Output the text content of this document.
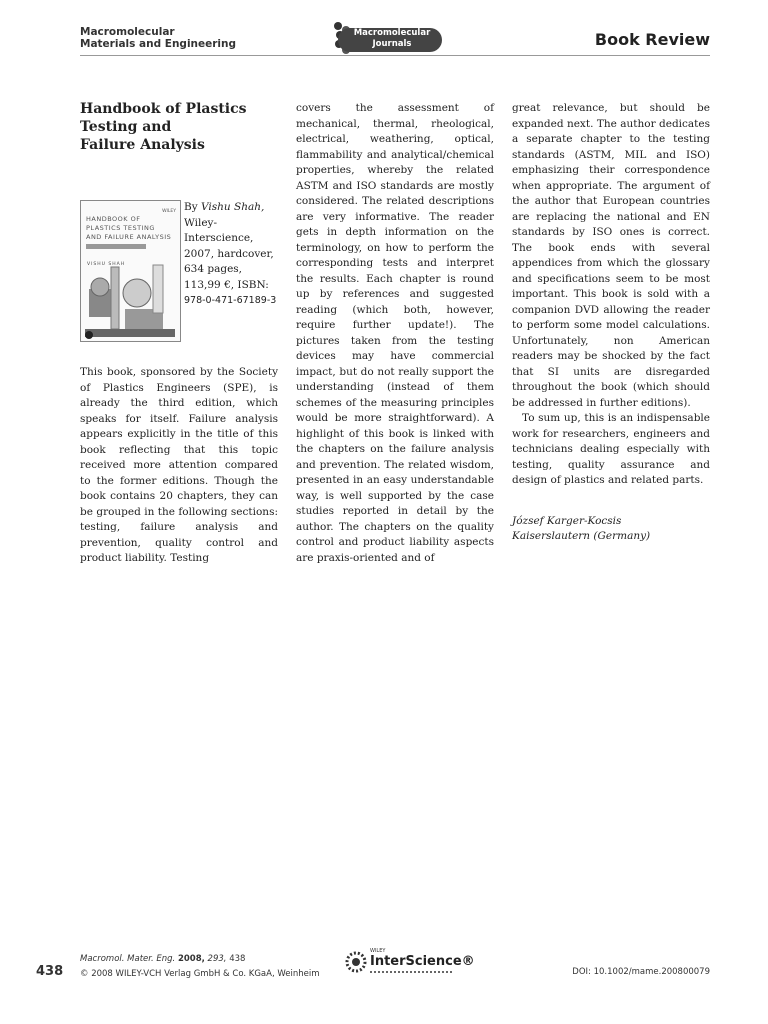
Macromolecular
Materials and Engineering
Macromolecular
Journals	Book Review
Handbook of Plastics
Testing and
Failure Analysis
WILEY
HANDBOOK OF
PLASTICS TESTING
AND FAILURE ANALYSIS
VISHU SHAH
By Vishu Shah,
Wiley-Interscience,
2007, hardcover,
634 pages,
113,99 €, ISBN:
978-0-471-67189-3

This book, sponsored by the Society of Plastics Engineers (SPE), is already the third edition, which speaks for itself. Failure analysis appears explicitly in the title of this book reflecting that this topic received more attention compared to the former editions. Though the book contains 20 chapters, they can be grouped in the following sections: testing, failure analysis and prevention, quality control and product liability. Testing

covers the assessment of mechanical, thermal, rheological, electrical, weathering, optical, flammability and analytical/chemical properties, whereby the related ASTM and ISO standards are mostly considered. The related descriptions are very informative. The reader gets in depth information on the terminology, on how to perform the corresponding tests and interpret the results. Each chapter is round up by references and suggested reading (which both, however, require further update!). The pictures taken from the testing devices may have commercial impact, but do not really support the understanding (instead of them schemes of the measuring principles would be more straightforward). A highlight of this book is linked with the chapters on the failure analysis and prevention. The related wisdom, presented in an easy understandable way, is well supported by the case studies reported in detail by the author. The chapters on the quality control and product liability aspects are praxis-oriented and of

great relevance, but should be expanded next. The author dedicates a separate chapter to the testing standards (ASTM, MIL and ISO) emphasizing their correspondence when appropriate. The argument of the author that European countries are replacing the national and EN standards by ISO ones is correct. The book ends with several appendices from which the glossary and specifications seem to be most important. This book is sold with a companion DVD allowing the reader to perform some model calculations. Unfortunately, non American readers may be shocked by the fact that SI units are disregarded throughout the book (which should be addressed in further editions).

To sum up, this is an indispensable work for researchers, engineers and technicians dealing especially with testing, quality assurance and design of plastics and related parts.

József Karger-Kocsis
Kaiserslautern (Germany)
438
Macromol. Mater. Eng. 2008, 293, 438
© 2008 WILEY-VCH Verlag GmbH & Co. KGaA, Weinheim
WILEY
InterScience®
DOI: 10.1002/mame.200800079
